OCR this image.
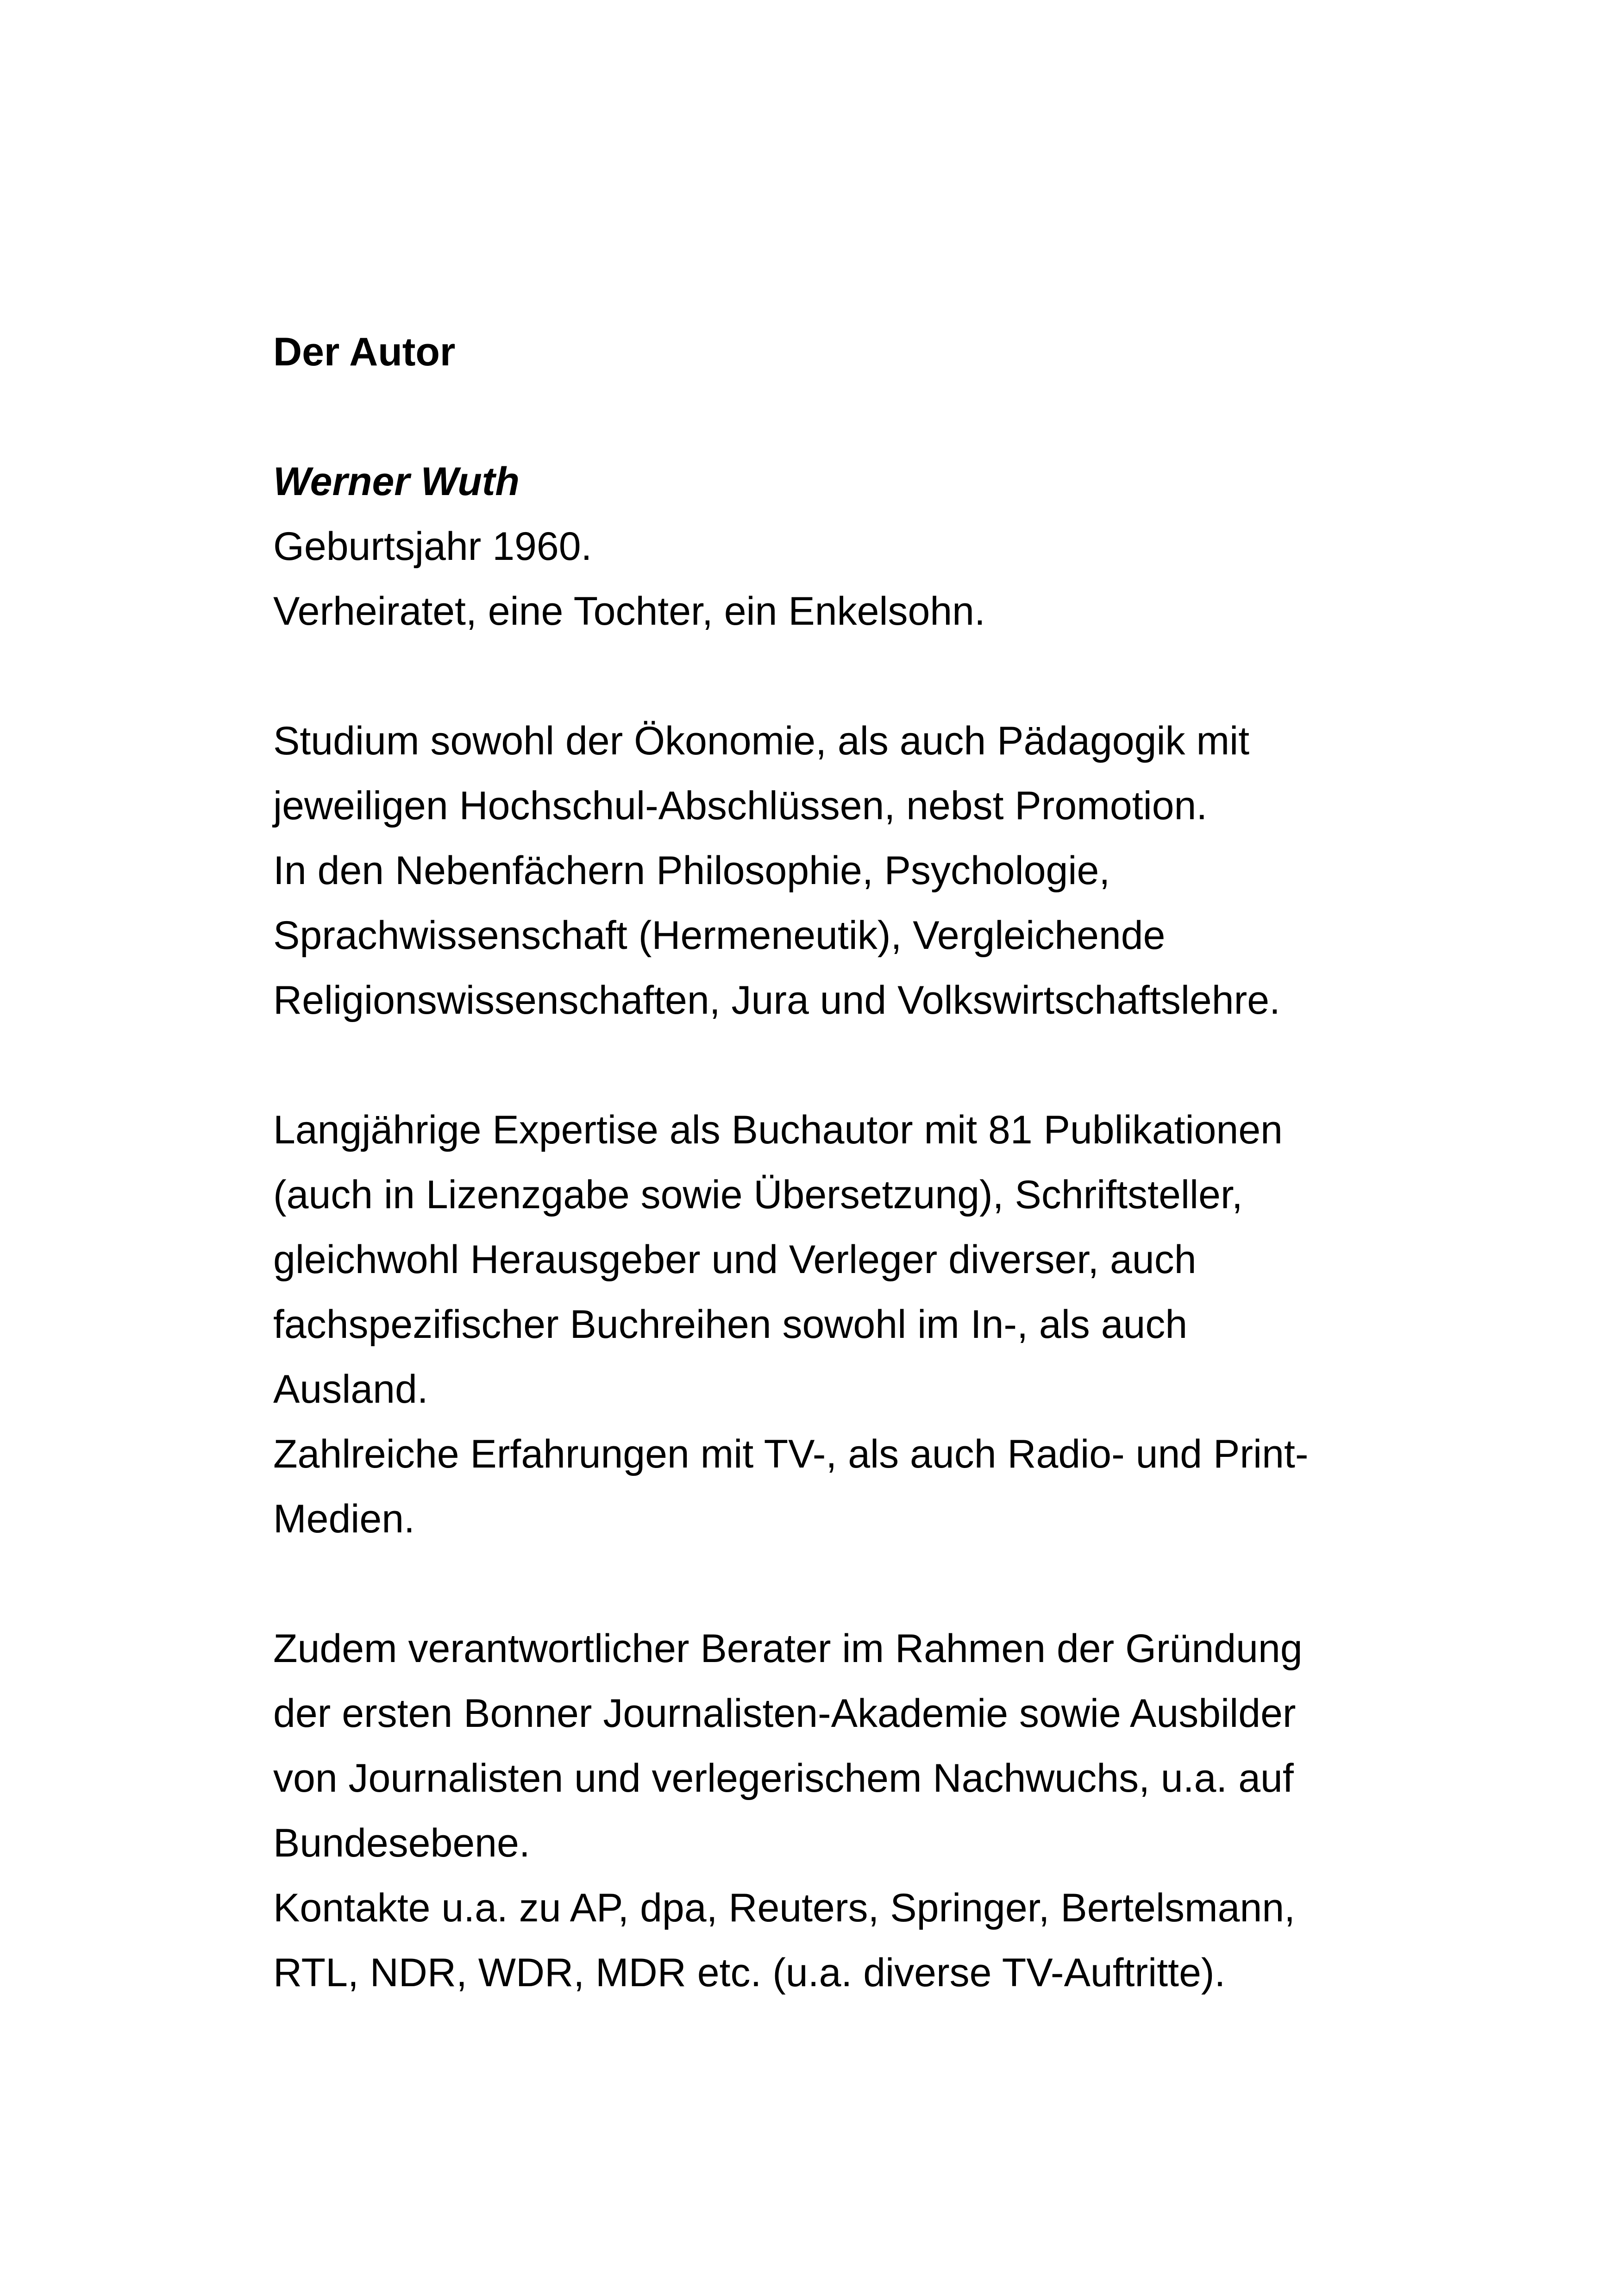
Der Autor

Werner Wuth

Geburtsjahr 1960.

Verheiratet, eine Tochter, ein Enkelsohn.

Studium sowohl der Ökonomie, als auch Pädagogik mit

jeweiligen Hochschul-Abschlüssen, nebst Promotion.

In den Nebenfächern Philosophie, Psychologie,

Sprachwissenschaft (Hermeneutik), Vergleichende

Religionswissenschaften, Jura und Volkswirtschaftslehre.

Langjährige Expertise als Buchautor mit 81 Publikationen

(auch in Lizenzgabe sowie Übersetzung), Schriftsteller,

gleichwohl Herausgeber und Verleger diverser, auch

fachspezifischer Buchreihen sowohl im In-, als auch

Ausland.

Zahlreiche Erfahrungen mit TV-, als auch Radio- und Print-

Medien.

Zudem verantwortlicher Berater im Rahmen der Gründung

der ersten Bonner Journalisten-Akademie sowie Ausbilder

von Journalisten und verlegerischem Nachwuchs, u.a. auf

Bundesebene.

Kontakte u.a. zu AP, dpa, Reuters, Springer, Bertelsmann,

RTL, NDR, WDR, MDR etc. (u.a. diverse TV-Auftritte).
